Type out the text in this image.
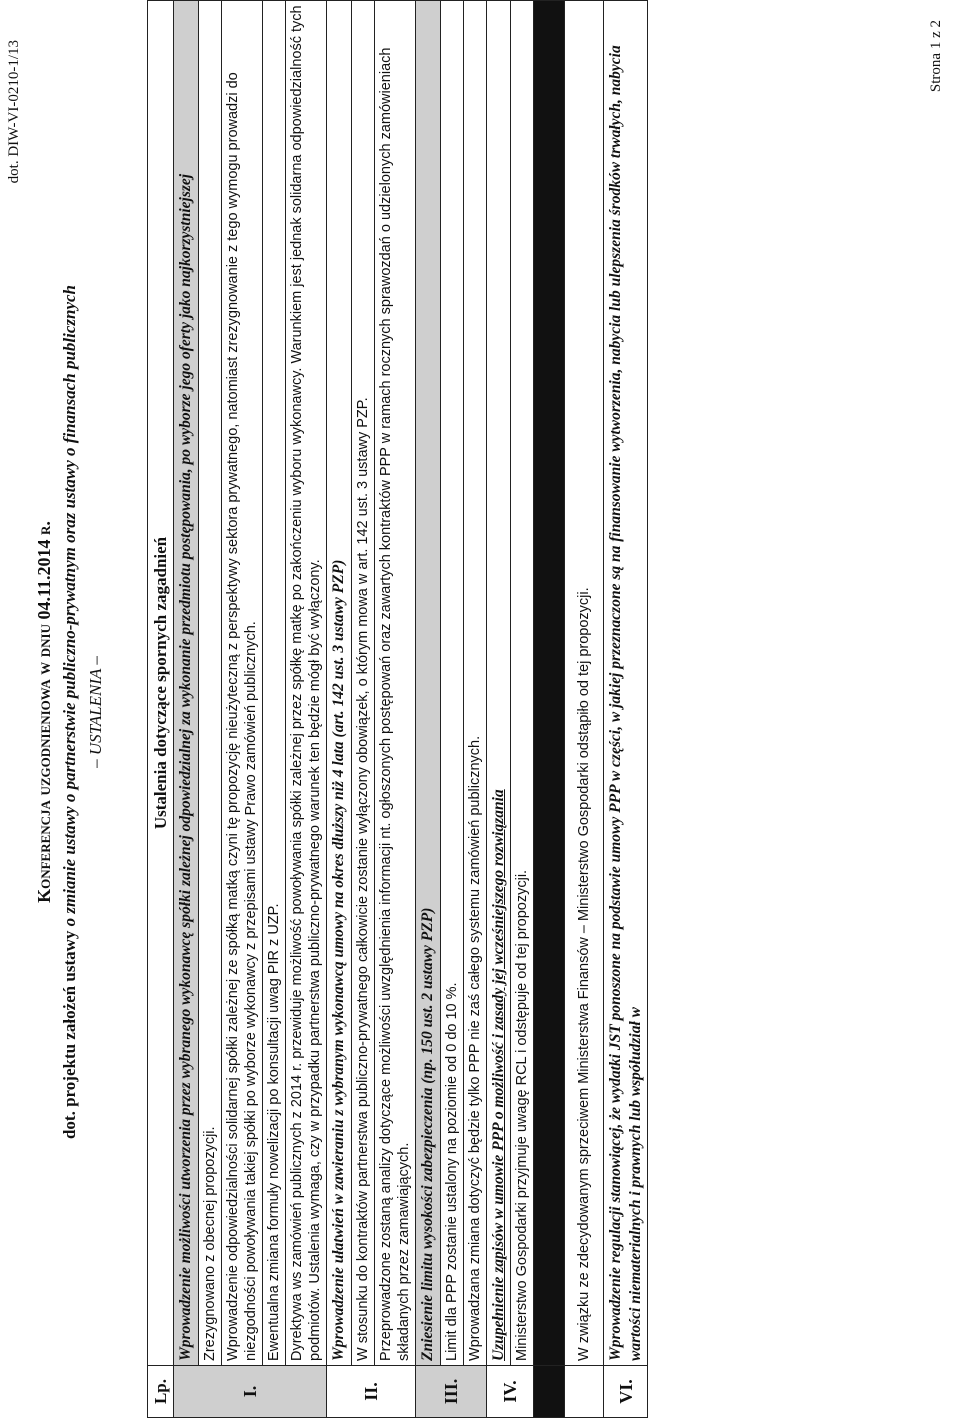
dot. DIW-VI-0210-1/13
Konferencja uzgodnieniowa w dniu 04.11.2014 r.
dot. projektu założeń ustawy o zmianie ustawy o partnerstwie publiczno-prywatnym oraz ustawy o finansach publicznych – USTALENIA –
Lp.	Ustalenia dotyczące spornych zagadnień
I.	Wprowadzenie możliwości utworzenia przez wybranego wykonawcę spółki zależnej odpowiedzialnej za wykonanie przedmiotu postępowania, po wyborze jego oferty jako najkorzystniejszej
	Zrezygnowano z obecnej propozycji.
	Wprowadzenie odpowiedzialności solidarnej spółki zależnej ze spółką matką czyni tę propozycję nieużyteczną z perspektywy sektora prywatnego, natomiast zrezygnowanie z tego wymogu prowadzi do niezgodności powoływania takiej spółki po wyborze wykonawcy z przepisami ustawy Prawo zamówień publicznych.
	Ewentualna zmiana formuły nowelizacji po konsultacji uwag PIR z UZP.
	Dyrektywa ws zamówień publicznych z 2014 r. przewiduje możliwość powoływania spółki zależnej przez spółkę matkę po zakończeniu wyboru wykonawcy. Warunkiem jest jednak solidarna odpowiedzialność tych podmiotów. Ustalenia wymaga, czy w przypadku partnerstwa publiczno-prywatnego warunek ten będzie mógł być wyłączony.
II.	Wprowadzenie ułatwień w zawieraniu z wybranym wykonawcą umowy na okres dłuższy niż 4 lata (art. 142 ust. 3 ustawy PZP)
	W stosunku do kontraktów partnerstwa publiczno-prywatnego całkowicie zostanie wyłączony obowiązek, o którym mowa w art. 142 ust. 3 ustawy PZP.
	Przeprowadzone zostaną analizy dotyczące możliwości uwzględnienia informacji nt. ogłoszonych postępowań oraz zawartych kontraktów PPP w ramach rocznych sprawozdań o udzielonych zamówieniach składanych przez zamawiających.
III.	Zniesienie limitu wysokości zabezpieczenia (np. 150 ust. 2 ustawy PZP)
	Limit dla PPP zostanie ustalony na poziomie od 0 do 10 %.
	Wprowadzana zmiana dotyczyć będzie tylko PPP nie zaś całego systemu zamówień publicznych.
IV.	Uzupełnienie zapisów w umowie PPP o możliwość i zasady jej wcześniejszego rozwiązania
	Ministerstwo Gospodarki przyjmuje uwagę RCL i odstępuje od tej propozycji.

	W związku ze zdecydowanym sprzeciwem Ministerstwa Finansów – Ministerstwo Gospodarki odstąpiło od tej propozycji.
VI.	Wprowadzenie regulacji stanowiącej, że wydatki JST ponoszone na podstawie umowy PPP w części, w jakiej przeznaczone są na finansowanie wytworzenia, nabycia lub ulepszenia środków trwałych, nabycia wartości niematerialnych i prawnych lub współudział w
Strona 1 z 2
